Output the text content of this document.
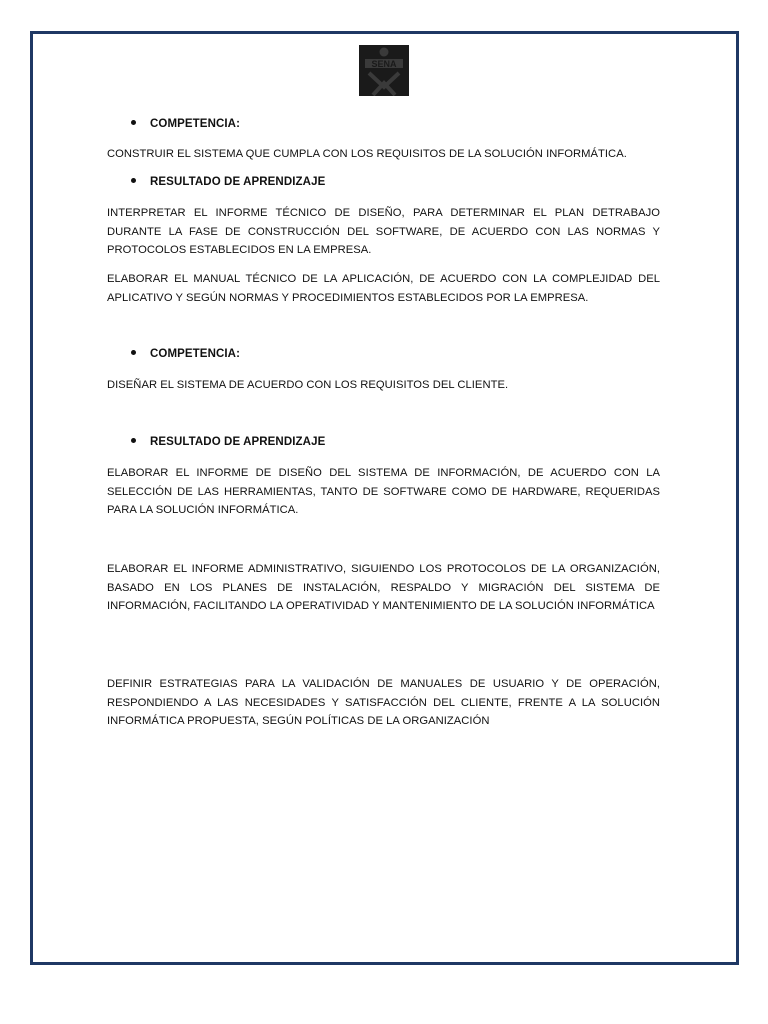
SENA
COMPETENCIA:
CONSTRUIR EL SISTEMA QUE CUMPLA CON LOS REQUISITOS DE LA SOLUCIÓN INFORMÁTICA.
RESULTADO DE APRENDIZAJE
INTERPRETAR EL INFORME TÉCNICO DE DISEÑO, PARA DETERMINAR EL PLAN DETRABAJO DURANTE LA FASE DE CONSTRUCCIÓN DEL SOFTWARE, DE ACUERDO CON LAS NORMAS Y PROTOCOLOS ESTABLECIDOS EN LA EMPRESA.
ELABORAR EL MANUAL TÉCNICO DE LA APLICACIÓN, DE ACUERDO CON LA COMPLEJIDAD DEL APLICATIVO Y SEGÚN NORMAS Y PROCEDIMIENTOS ESTABLECIDOS POR LA EMPRESA.
COMPETENCIA:
DISEÑAR EL SISTEMA DE ACUERDO CON LOS REQUISITOS DEL CLIENTE.
RESULTADO DE APRENDIZAJE
ELABORAR EL INFORME DE DISEÑO DEL SISTEMA DE INFORMACIÓN, DE ACUERDO CON LA SELECCIÓN DE LAS HERRAMIENTAS, TANTO DE SOFTWARE COMO DE HARDWARE, REQUERIDAS PARA LA SOLUCIÓN INFORMÁTICA.
ELABORAR EL INFORME ADMINISTRATIVO, SIGUIENDO LOS PROTOCOLOS DE LA ORGANIZACIÓN, BASADO EN LOS PLANES DE INSTALACIÓN, RESPALDO Y MIGRACIÓN DEL SISTEMA DE INFORMACIÓN, FACILITANDO LA OPERATIVIDAD Y MANTENIMIENTO DE LA SOLUCIÓN INFORMÁTICA
DEFINIR ESTRATEGIAS PARA LA VALIDACIÓN DE MANUALES DE USUARIO Y DE OPERACIÓN, RESPONDIENDO A LAS NECESIDADES Y SATISFACCIÓN DEL CLIENTE, FRENTE A LA SOLUCIÓN INFORMÁTICA PROPUESTA, SEGÚN POLÍTICAS DE LA ORGANIZACIÓN
